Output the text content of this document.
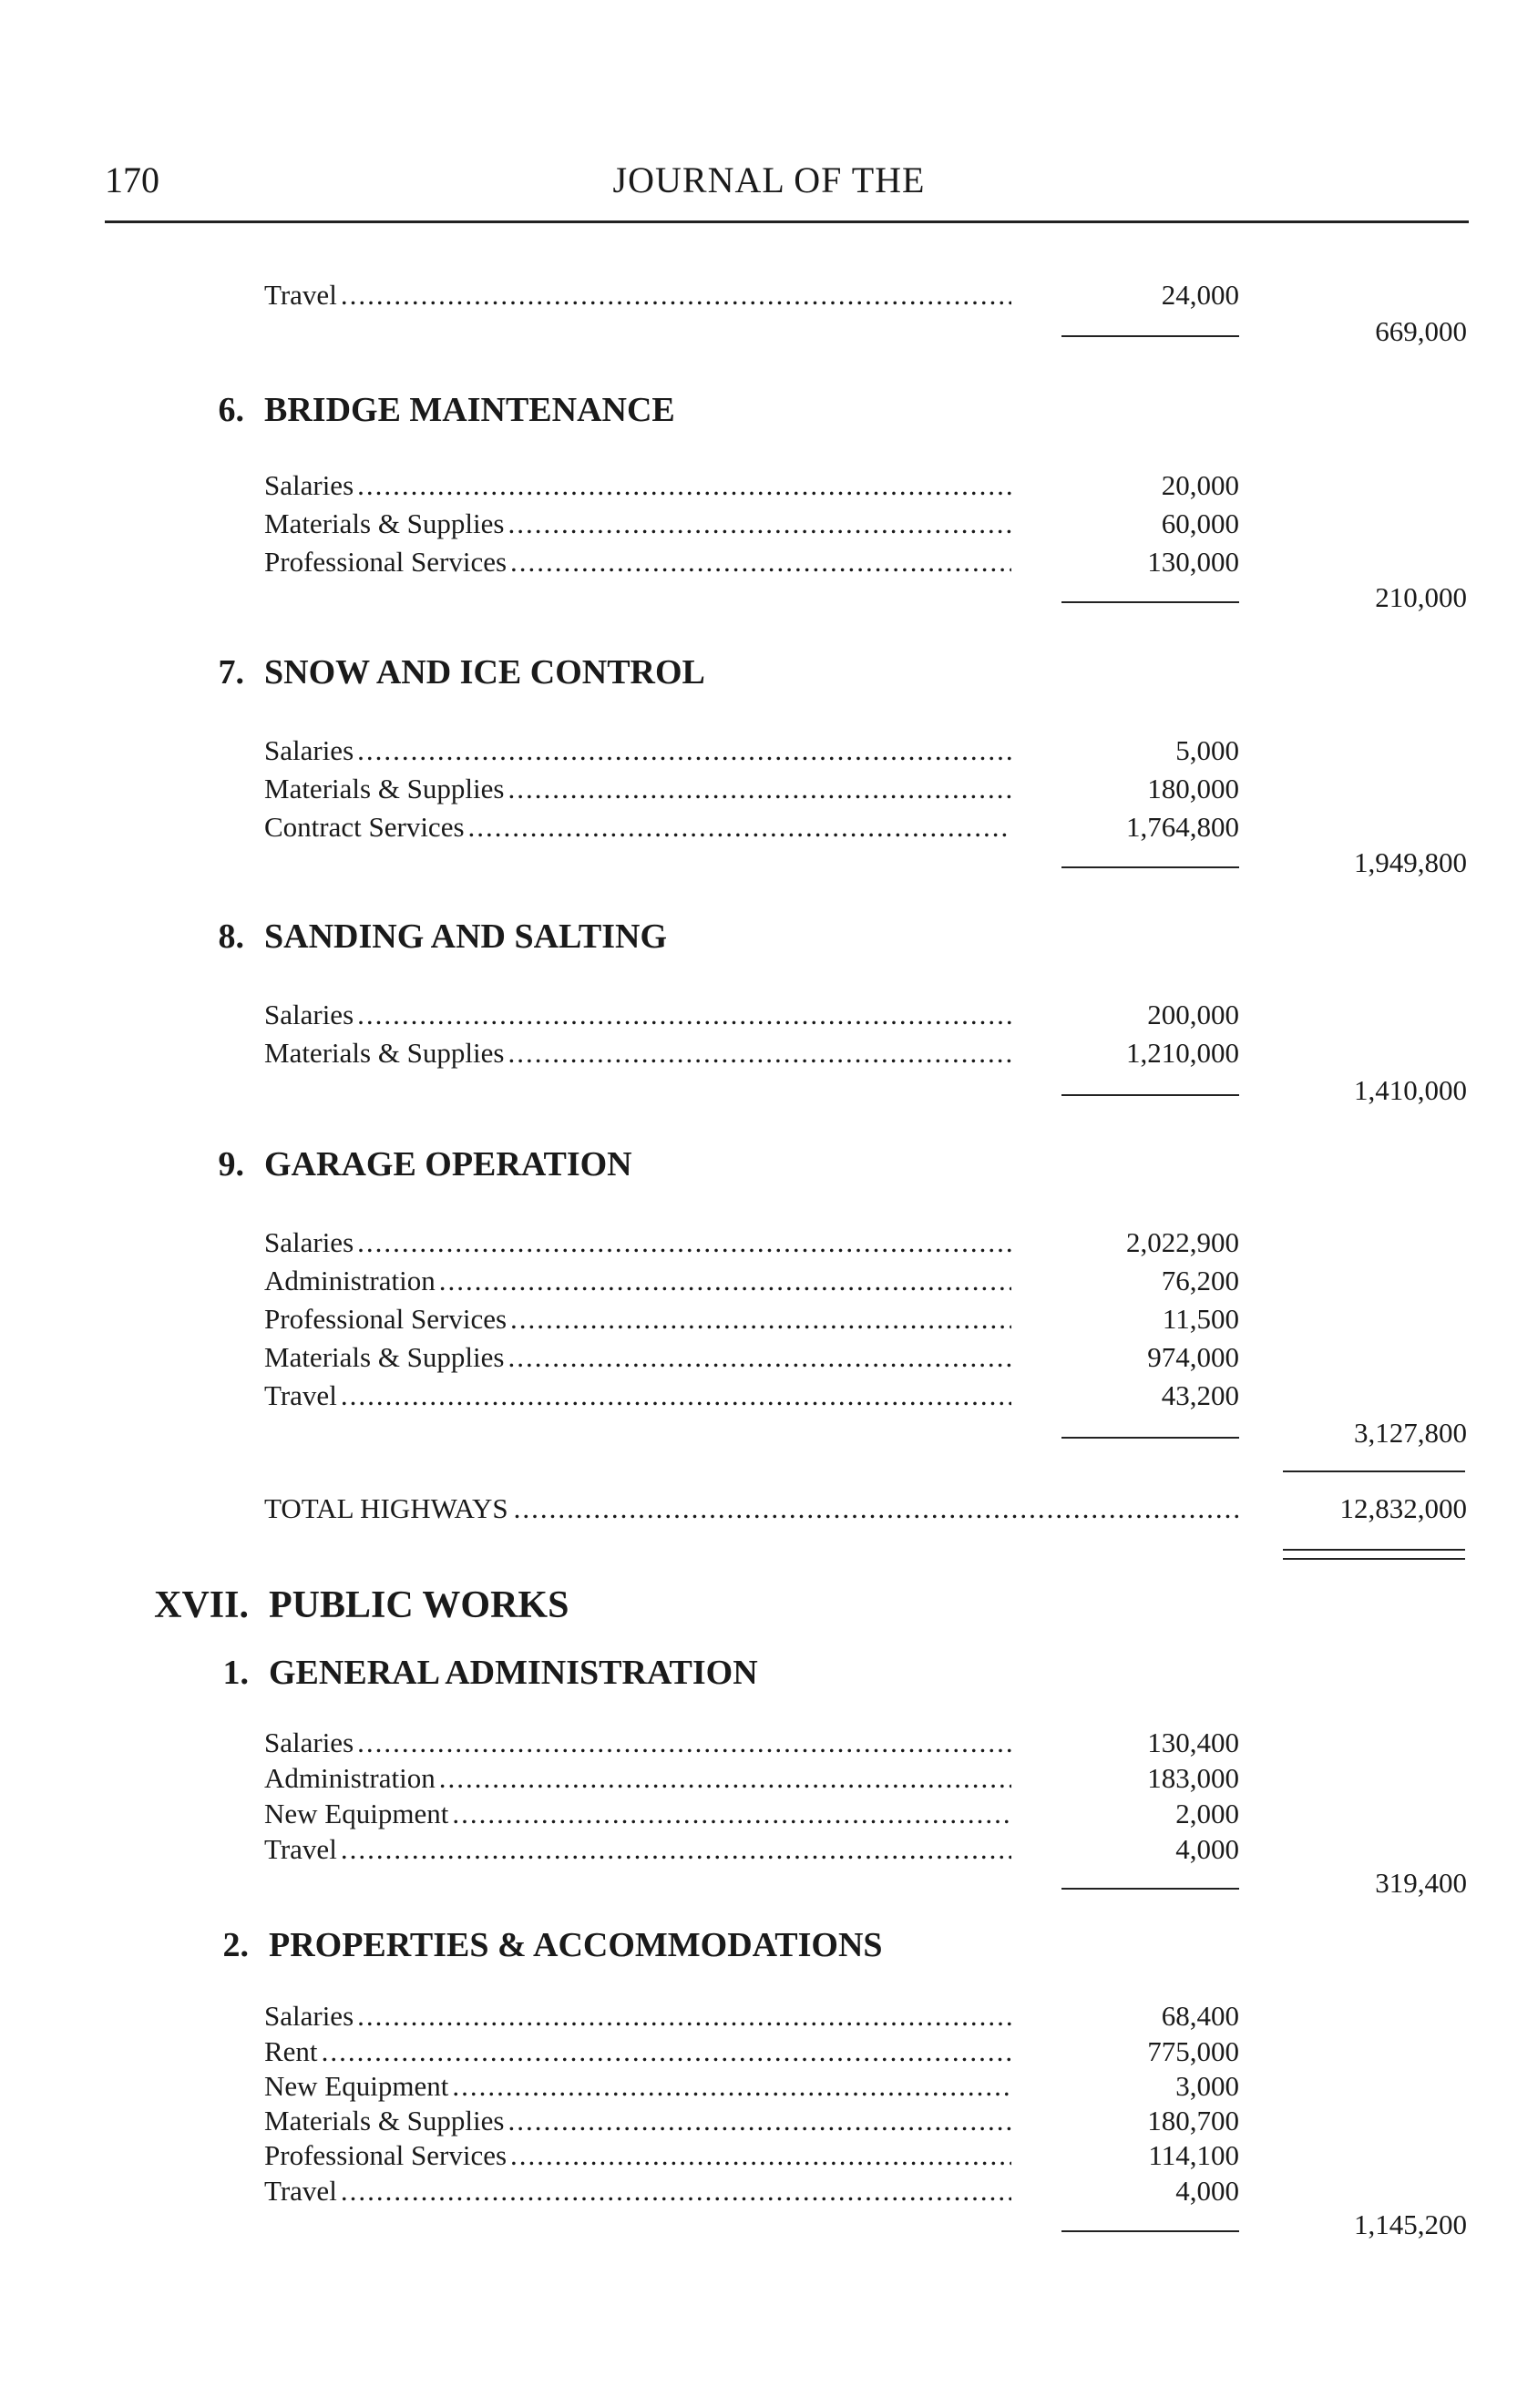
170	JOURNAL OF THE
Travel .....	24,000
669,000
6. BRIDGE MAINTENANCE
Salaries .....	20,000
Materials & Supplies .....	60,000
Professional Services .....	130,000
210,000
7. SNOW AND ICE CONTROL
Salaries .....	5,000
Materials & Supplies .....	180,000
Contract Services .....	1,764,800
1,949,800
8. SANDING AND SALTING
Salaries .....	200,000
Materials & Supplies .....	1,210,000
1,410,000
9. GARAGE OPERATION
Salaries .....	2,022,900
Administration .....	76,200
Professional Services .....	11,500
Materials & Supplies .....	974,000
Travel .....	43,200
3,127,800
TOTAL HIGHWAYS .....	12,832,000
XVII. PUBLIC WORKS
1. GENERAL ADMINISTRATION
Salaries .....	130,400
Administration .....	183,000
New Equipment .....	2,000
Travel .....	4,000
319,400
2. PROPERTIES & ACCOMMODATIONS
Salaries .....	68,400
Rent .....	775,000
New Equipment .....	3,000
Materials & Supplies .....	180,700
Professional Services .....	114,100
Travel .....	4,000
1,145,200
